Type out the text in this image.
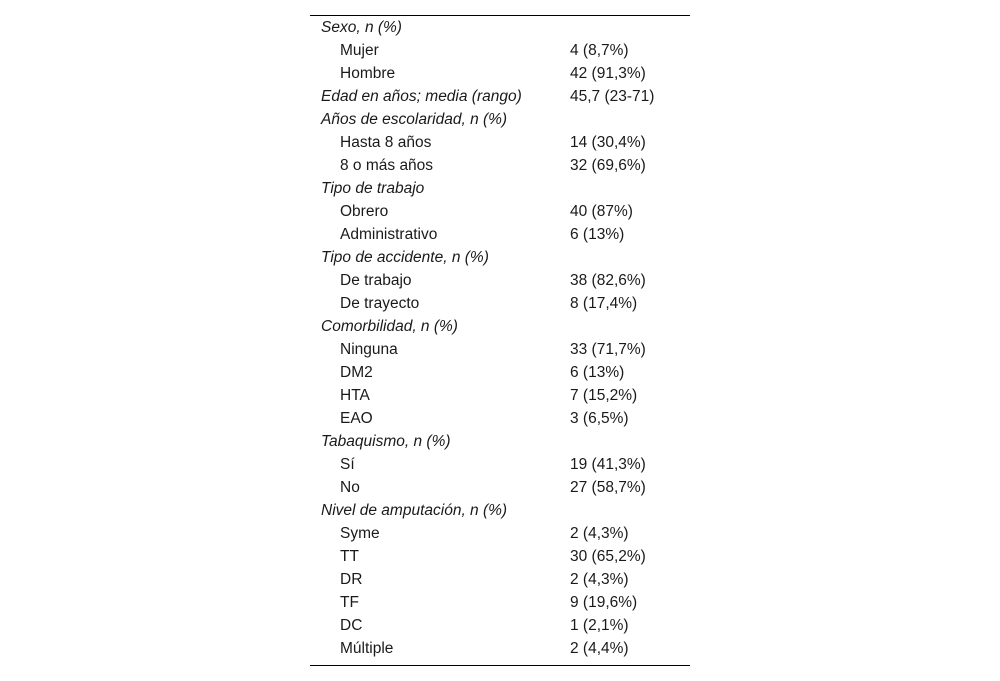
Sexo, n (%)
Mujer	4 (8,7%)
Hombre	42 (91,3%)
Edad en años; media (rango)	45,7 (23-71)
Años de escolaridad, n (%)
Hasta 8 años	14 (30,4%)
8 o más años	32 (69,6%)
Tipo de trabajo
Obrero	40 (87%)
Administrativo	6 (13%)
Tipo de accidente, n (%)
De trabajo	38 (82,6%)
De trayecto	8 (17,4%)
Comorbilidad, n (%)
Ninguna	33 (71,7%)
DM2	6 (13%)
HTA	7 (15,2%)
EAO	3 (6,5%)
Tabaquismo, n (%)
Sí	19 (41,3%)
No	27 (58,7%)
Nivel de amputación, n (%)
Syme	2 (4,3%)
TT	30 (65,2%)
DR	2 (4,3%)
TF	9 (19,6%)
DC	1 (2,1%)
Múltiple	2 (4,4%)
